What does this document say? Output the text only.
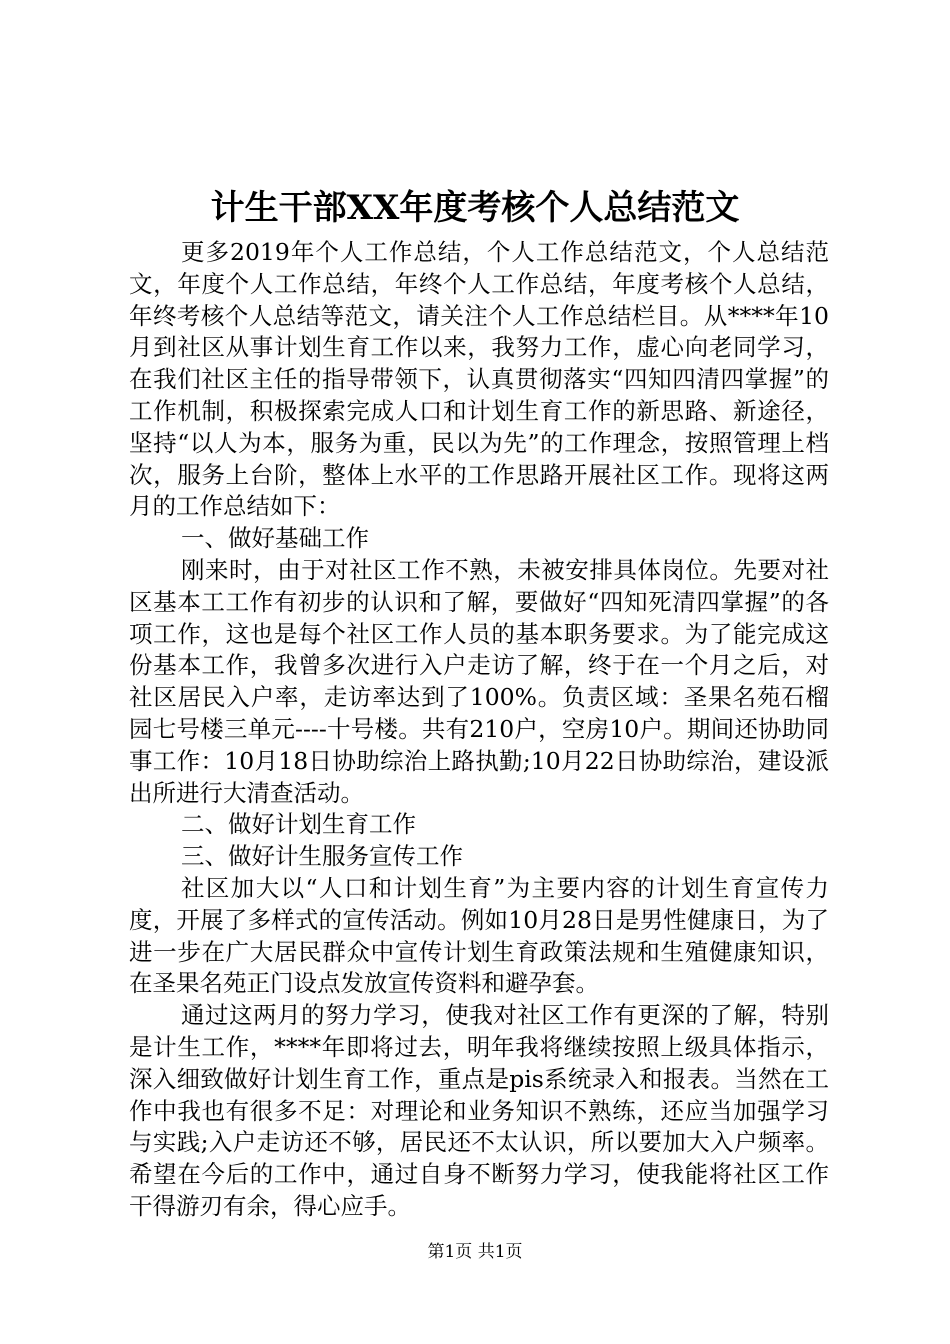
计生干部XX年度考核个人总结范文

更多2019年个人工作总结，个人工作总结范文，个人总结范文，年度个人工作总结，年终个人工作总结，年度考核个人总结，年终考核个人总结等范文，请关注个人工作总结栏目。从****年10月到社区从事计划生育工作以来，我努力工作，虚心向老同学习，在我们社区主任的指导带领下，认真贯彻落实“四知四清四掌握”的工作机制，积极探索完成人口和计划生育工作的新思路、新途径，坚持“以人为本，服务为重，民以为先”的工作理念，按照管理上档次，服务上台阶，整体上水平的工作思路开展社区工作。现将这两月的工作总结如下：

一、做好基础工作

刚来时，由于对社区工作不熟，未被安排具体岗位。先要对社区基本工工作有初步的认识和了解，要做好“四知死清四掌握”的各项工作，这也是每个社区工作人员的基本职务要求。为了能完成这份基本工作，我曾多次进行入户走访了解，终于在一个月之后，对社区居民入户率，走访率达到了100%。负责区域：圣果名苑石榴园七号楼三单元----十号楼。共有210户，空房10户。期间还协助同事工作：10月18日协助综治上路执勤;10月22日协助综治，建设派出所进行大清查活动。

二、做好计划生育工作

三、做好计生服务宣传工作

社区加大以“人口和计划生育”为主要内容的计划生育宣传力度，开展了多样式的宣传活动。例如10月28日是男性健康日，为了进一步在广大居民群众中宣传计划生育政策法规和生殖健康知识，在圣果名苑正门设点发放宣传资料和避孕套。

通过这两月的努力学习，使我对社区工作有更深的了解，特别是计生工作，****年即将过去，明年我将继续按照上级具体指示，深入细致做好计划生育工作，重点是pis系统录入和报表。当然在工作中我也有很多不足：对理论和业务知识不熟练，还应当加强学习与实践;入户走访还不够，居民还不太认识，所以要加大入户频率。希望在今后的工作中，通过自身不断努力学习，使我能将社区工作干得游刃有余，得心应手。

第1页 共1页
